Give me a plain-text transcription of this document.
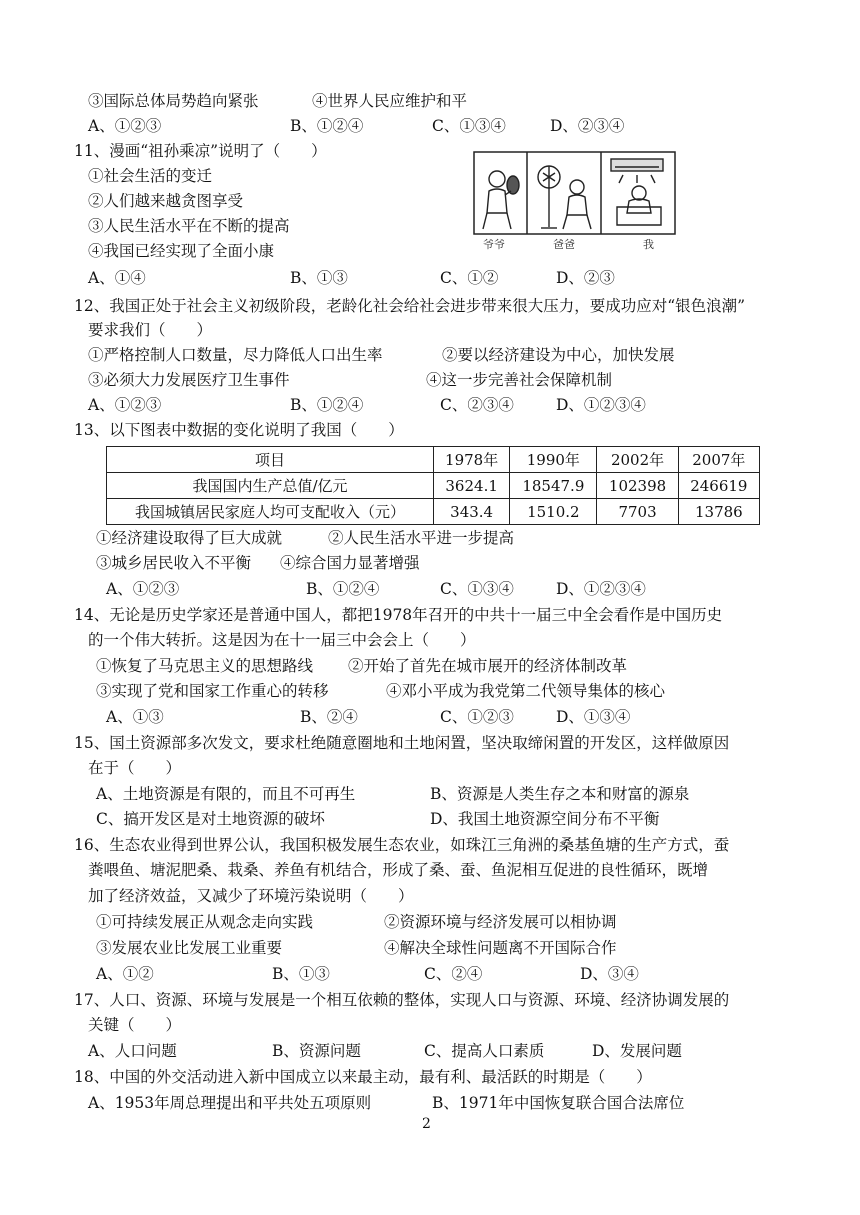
③国际总体局势趋向紧张	④世界人民应维护和平
A、①②③	B、①②④	C、①③④	D、②③④
11、漫画“祖孙乘凉”说明了（　　）
①社会生活的变迁
②人们越来越贪图享受
③人民生活水平在不断的提高
④我国已经实现了全面小康
A、①④	B、①③	C、①②	D、②③
爷爷	爸爸	我
12、我国正处于社会主义初级阶段，老龄化社会给社会进步带来很大压力，要成功应对“银色浪潮”
要求我们（　　）
①严格控制人口数量，尽力降低人口出生率	②要以经济建设为中心，加快发展
③必须大力发展医疗卫生事件	④这一步完善社会保障机制
A、①②③	B、①②④	C、②③④	D、①②③④
13、以下图表中数据的变化说明了我国（　　）
项目	1978年	1990年	2002年	2007年
我国国内生产总值/亿元	3624.1	18547.9	102398	246619
我国城镇居民家庭人均可支配收入（元）	343.4	1510.2	7703	13786
①经济建设取得了巨大成就	②人民生活水平进一步提高
③城乡居民收入不平衡 ④综合国力显著增强
A、①②③	B、①②④	C、①③④	D、①②③④
14、无论是历史学家还是普通中国人，都把1978年召开的中共十一届三中全会看作是中国历史
的一个伟大转折。这是因为在十一届三中会会上（　　）
①恢复了马克思主义的思想路线 ②开始了首先在城市展开的经济体制改革
③实现了党和国家工作重心的转移	④邓小平成为我党第二代领导集体的核心
A、①③	B、②④	C、①②③	D、①③④
15、国土资源部多次发文，要求杜绝随意圈地和土地闲置，坚决取缔闲置的开发区，这样做原因
在于（　　）
A、土地资源是有限的，而且不可再生	B、资源是人类生存之本和财富的源泉
C、搞开发区是对土地资源的破坏	D、我国土地资源空间分布不平衡
16、生态农业得到世界公认，我国积极发展生态农业，如珠江三角洲的桑基鱼塘的生产方式，蚕
粪喂鱼、塘泥肥桑、栽桑、养鱼有机结合，形成了桑、蚕、鱼泥相互促进的良性循环，既增
加了经济效益，又减少了环境污染说明（　　）
①可持续发展正从观念走向实践	②资源环境与经济发展可以相协调
③发展农业比发展工业重要	④解决全球性问题离不开国际合作
A、①②	B、①③	C、②④	D、③④
17、人口、资源、环境与发展是一个相互依赖的整体，实现人口与资源、环境、经济协调发展的
关键（　　）
A、人口问题	B、资源问题	C、提高人口素质	D、发展问题
18、中国的外交活动进入新中国成立以来最主动，最有利、最活跃的时期是（　　）
A、1953年周总理提出和平共处五项原则	B、1971年中国恢复联合国合法席位
2
